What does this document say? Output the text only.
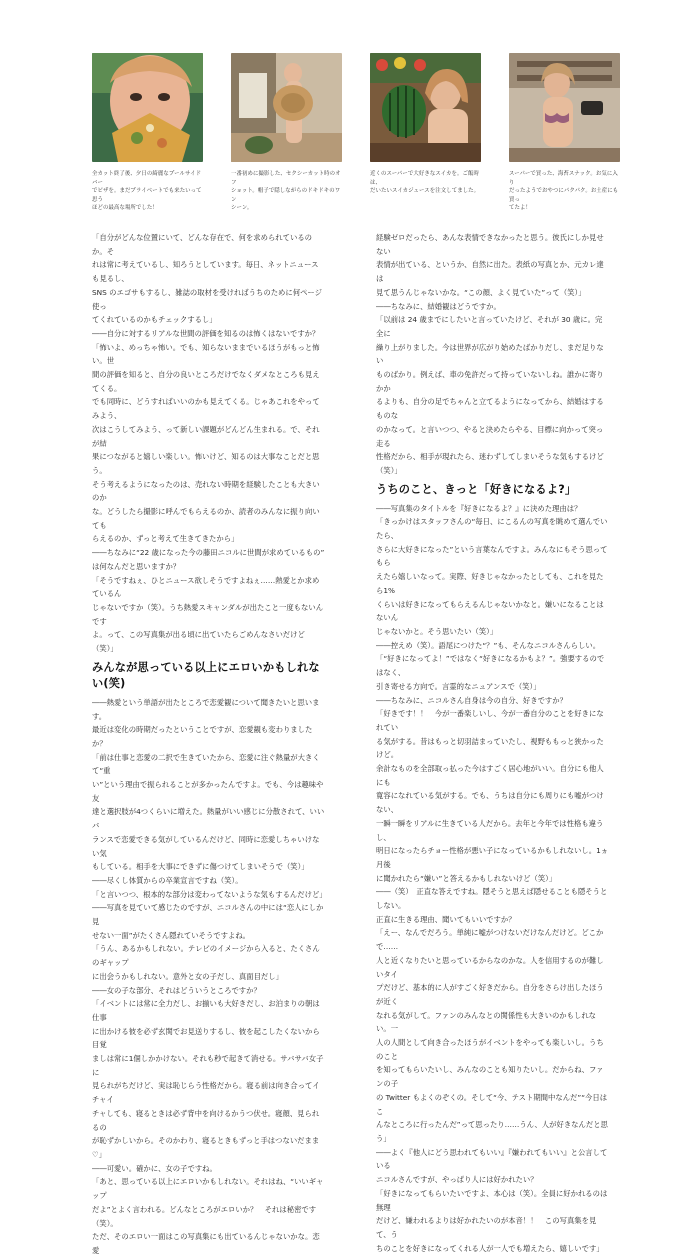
全カット終了後、夕日の綺麗なプールサイドバー
でピザを。まだプライベートでも来たいって思う
ほどの最高な場所でした！
一番初めに撮影した、セクシーカット時のオフ
ショット。帽子で隠しながらのドキドキのワン
シーン。
近くのスーパーで大好きなスイカを。ご飯時は、
だいたいスイカジュースを注文してました。
スーパーで買った、海苔スナック。お気に入り
だったようでおやつにパクパク。お土産にも買っ
てたよ！

「自分がどんな位置にいて、どんな存在で、何を求められているのか。そ
れは常に考えているし、知ろうとしています。毎日、ネットニュースも見るし、
SNS のエゴサもするし、雑誌の取材を受ければうちのために何ページ使っ
てくれているのかもチェックするし」

――自分に対するリアルな世間の評価を知るのは怖くはないですか？

「怖いよ、めっちゃ怖い。でも、知らないままでいるほうがもっと怖い。世
間の評価を知ると、自分の良いところだけでなくダメなところも見えてくる。
でも同時に、どうすればいいのかも見えてくる。じゃあこれをやってみよう、
次はこうしてみよう、って新しい課題がどんどん生まれる。で、それが結
果につながると嬉しい楽しい。怖いけど、知るのは大事なことだと思う。
そう考えるようになったのは、売れない時期を経験したことも大きいのか
な。どうしたら撮影に呼んでもらえるのか、読者のみんなに振り向いても
らえるのか、ずっと考えて生きてきたから」

――ちなみに“22 歳になった今の藤田ニコルに世間が求めているもの”
は何なんだと思いますか？

「そうですねぇ、ひとニュース欲しそうですよねぇ……熱愛とか求めているん
じゃないですか（笑）。うち熱愛スキャンダルが出たこと一度もないんです
よ。って、この写真集が出る頃に出ていたらごめんなさいだけど（笑）」

みんなが思っている以上にエロいかもしれない(笑)

――熱愛という単語が出たところで恋愛観について聞きたいと思います。
最近は変化の時期だったということですが、恋愛観も変わりましたか？

「前は仕事と恋愛の二択で生きていたから、恋愛に注ぐ熱量が大きくて“重
い”という理由で振られることが多かったんですよ。でも、今は趣味や友
達と選択肢が4つくらいに増えた。熱量がいい感じに分散されて、いいバ
ランスで恋愛できる気がしているんだけど、同時に恋愛しちゃいけない気
もしている。相手を大事にできずに傷つけてしまいそうで（笑）」

――尽くし体質からの卒業宣言ですね（笑）。

「と言いつつ、根本的な部分は変わってないような気もするんだけど」

――写真を見ていて感じたのですが、ニコルさんの中には“恋人にしか見
せない一面”がたくさん隠れていそうですよね。

「うん、あるかもしれない。テレビのイメージから入ると、たくさんのギャップ
に出会うかもしれない。意外と女の子だし、真面目だし」

――女の子な部分、それはどういうところですか？

「イベントには常に全力だし、お揃いも大好きだし、お泊まりの朝は仕事
に出かける彼を必ず玄関でお見送りするし、彼を起こしたくないから目覚
ましは常に1個しかかけない。それも秒で起きて消せる。サバサバ女子に
見られがちだけど、実は恥じらう性格だから。寝る前は向き合ってイチャイ
チャしても、寝るときは必ず背中を向けるかうつ伏せ。寝顔、見られるの
が恥ずかしいから。そのかわり、寝るときもずっと手はつないだまま♡」

――可愛い。確かに、女の子ですね。

「あと、思っている以上にエロいかもしれない。それはね、“いいギャップ
だよ”とよく言われる。どんなところがエロいか？　それは秘密です（笑）。
ただ、そのエロい一面はこの写真集にも出ているんじゃないかな。恋愛

経験ゼロだったら、あんな表情できなかったと思う。彼氏にしか見せない
表情が出ている、というか、自然に出た。表紙の写真とか、元カレ達は
見て思うんじゃないかな。“この顔、よく見ていた”って（笑）」

――ちなみに、結婚観はどうですか。

「以前は 24 歳までにしたいと言っていたけど、それが 30 歳に。完全に
繰り上がりました。今は世界が広がり始めたばかりだし、まだ足りない
ものばかり。例えば、車の免許だって持っていないしね。誰かに寄りかか
るよりも、自分の足でちゃんと立てるようになってから、結婚はするものな
のかなって。と言いつつ、やると決めたらやる、目標に向かって突っ走る
性格だから、相手が現れたら、迷わずしてしまいそうな気もするけど（笑）」

うちのこと、きっと「好きになるよ?」

――写真集のタイトルを『好きになるよ？』に決めた理由は？

「きっかけはスタッフさんの“毎日、にこるんの写真を眺めて選んでいたら、
さらに大好きになった”という言葉なんですよ。みんなにもそう思ってもら
えたら嬉しいなって。実際、好きじゃなかったとしても、これを見たら1%
くらいは好きになってもらえるんじゃないかなと。嫌いになることはないん
じゃないかと。そう思いたい（笑）」

――控えめ（笑）。語尾につけた“？”も、そんなニコルさんらしい。

「“好きになってよ！”ではなく“好きになるかもよ？”。強要するのではなく、
引き寄せる方向で。言霊的なニュアンスで（笑）」

――ちなみに、ニコルさん自身は今の自分、好きですか？

「好きです！！　今が一番楽しいし、今が一番自分のことを好きになれてい
る気がする。昔はもっと切羽詰まっていたし、視野ももっと狭かったけど。
余計なものを全部取っ払った今はすごく居心地がいい。自分にも他人にも
寛容になれている気がする。でも、うちは自分にも周りにも嘘がつけない、
一瞬一瞬をリアルに生きている人だから。去年と今年では性格も違うし、
明日になったらチョー性格が悪い子になっているかもしれないし。1ヵ月後
に聞かれたら“嫌い”と答えるかもしれないけど（笑）」

――（笑）　正直な答えですね。隠そうと思えば隠せることも隠そうとしない。
正直に生きる理由、聞いてもいいですか？

「えー、なんでだろう。単純に嘘がつけないだけなんだけど。どこかで……
人と近くなりたいと思っているからなのかな。人を信用するのが難しいタイ
プだけど、基本的に人がすごく好きだから。自分をさらけ出したほうが近く
なれる気がして。ファンのみんなとの関係性も大きいのかもしれない。一
人の人間として向き合ったほうがイベントをやっても楽しいし。うちのこと
を知ってもらいたいし、みんなのことも知りたいし。だからね、ファンの子
の Twitter もよくのぞくの。そして“今、テスト期間中なんだ”“今日はこ
んなところに行ったんだ”って思ったり……うん、人が好きなんだと思う」

――よく『他人にどう思われてもいい』『嫌われてもいい』と公言している
ニコルさんですが、やっぱり人には好かれたい？

「好きになってもらいたいですよ、本心は（笑）。全員に好かれるのは無理
だけど、嫌われるよりは好かれたいのが本音！！　この写真集を見て、う
ちのことを好きになってくれる人が一人でも増えたら、嬉しいです」
